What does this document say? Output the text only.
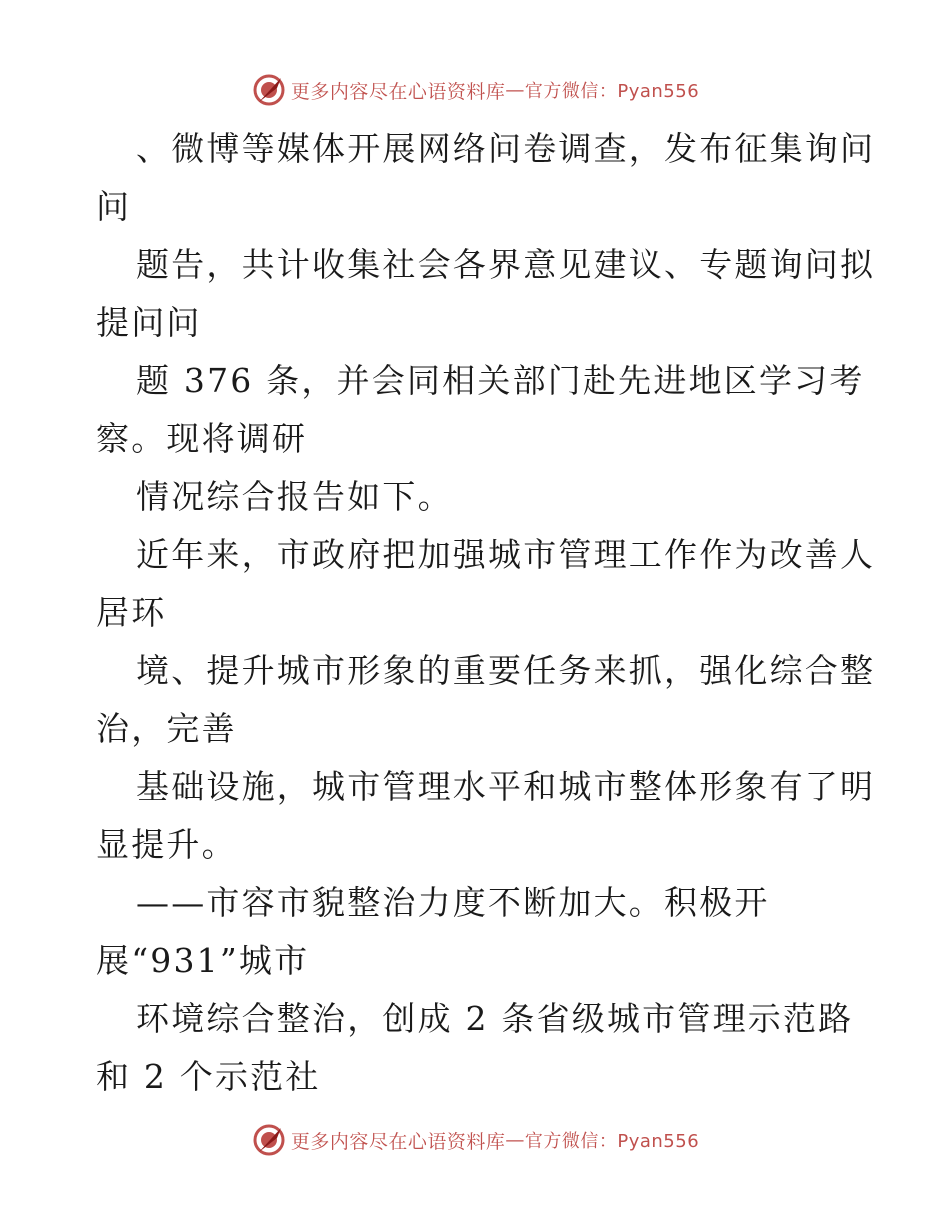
更多内容尽在心语资料库 — 官方微信：Pyan556
、微博等媒体开展网络问卷调查，发布征集询问
问
题告，共计收集社会各界意见建议、专题询问拟
提问问
题 376 条，并会同相关部门赴先进地区学习考
察。现将调研
情况综合报告如下。
近年来，市政府把加强城市管理工作作为改善人
居环
境、提升城市形象的重要任务来抓，强化综合整
治，完善
基础设施，城市管理水平和城市整体形象有了明
显提升。
——市容市貌整治力度不断加大。积极开
展“931”城市
环境综合整治，创成 2 条省级城市管理示范路
和 2 个示范社
更多内容尽在心语资料库 — 官方微信：Pyan556
